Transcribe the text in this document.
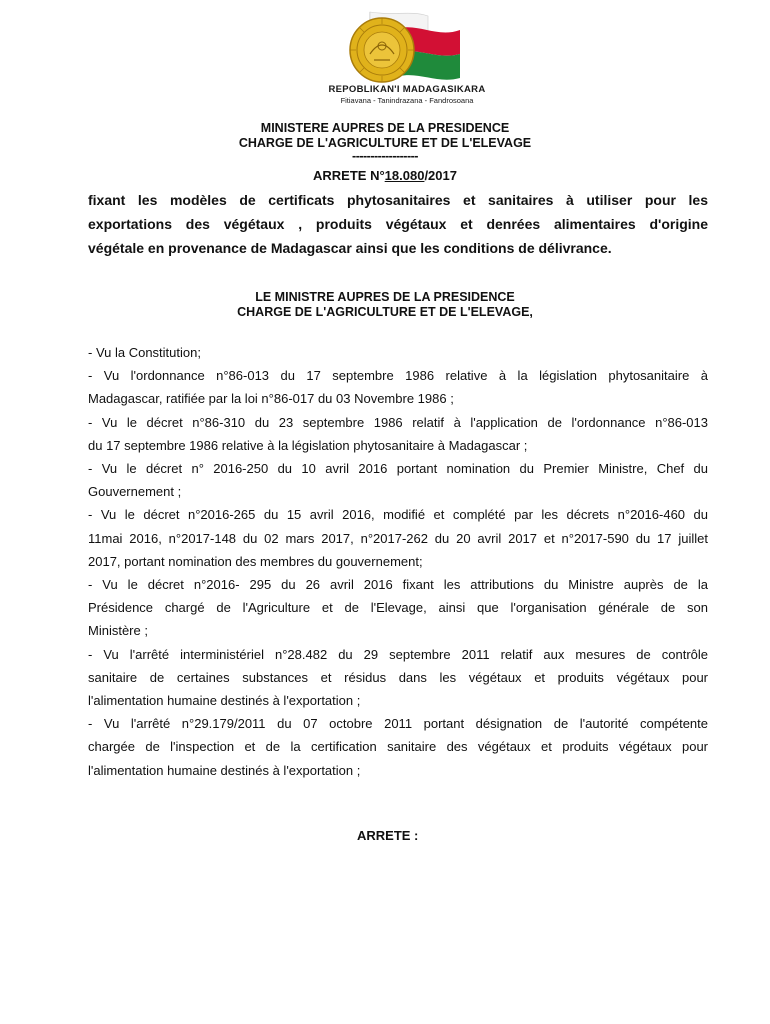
REPOBLIKAN'I MADAGASIKARA
Fitiavana - Tanindrazana - Fandrosoana
MINISTERE AUPRES DE LA PRESIDENCE
CHARGE DE L'AGRICULTURE ET DE L'ELEVAGE
------------------
ARRETE N°18.080/2017
fixant les modèles de certificats phytosanitaires et sanitaires à utiliser pour les
exportations des végétaux , produits végétaux et denrées alimentaires d'origine
végétale en provenance de Madagascar ainsi que les conditions de délivrance.
LE MINISTRE AUPRES DE LA PRESIDENCE
CHARGE DE L'AGRICULTURE ET DE L'ELEVAGE,
- Vu la Constitution;
- Vu l'ordonnance n°86-013 du 17 septembre 1986 relative à la législation phytosanitaire à
Madagascar, ratifiée par la loi n°86-017 du 03 Novembre 1986 ;
- Vu le décret n°86-310 du 23 septembre 1986 relatif à l'application de l'ordonnance n°86-013
du 17 septembre 1986 relative à la législation phytosanitaire à Madagascar ;
- Vu le décret n° 2016-250 du 10 avril 2016 portant nomination du Premier Ministre, Chef du
Gouvernement ;
- Vu le décret n°2016-265 du 15 avril 2016, modifié et complété par les décrets n°2016-460 du
11mai 2016, n°2017-148 du 02 mars 2017, n°2017-262 du 20 avril 2017 et n°2017-590 du 17 juillet
2017, portant nomination des membres du gouvernement;
- Vu le décret n°2016- 295 du 26 avril 2016 fixant les attributions du Ministre auprès de la
Présidence chargé de l'Agriculture et de l'Elevage, ainsi que l'organisation générale de son
Ministère ;
- Vu l'arrêté interministériel n°28.482 du 29 septembre 2011 relatif aux mesures de contrôle
sanitaire de certaines substances et résidus dans les végétaux et produits végétaux pour
l'alimentation humaine destinés à l'exportation ;
- Vu l'arrêté n°29.179/2011 du 07 octobre 2011 portant désignation de l'autorité compétente
chargée de l'inspection et de la certification sanitaire des végétaux et produits végétaux pour
l'alimentation humaine destinés à l'exportation ;
ARRETE :
